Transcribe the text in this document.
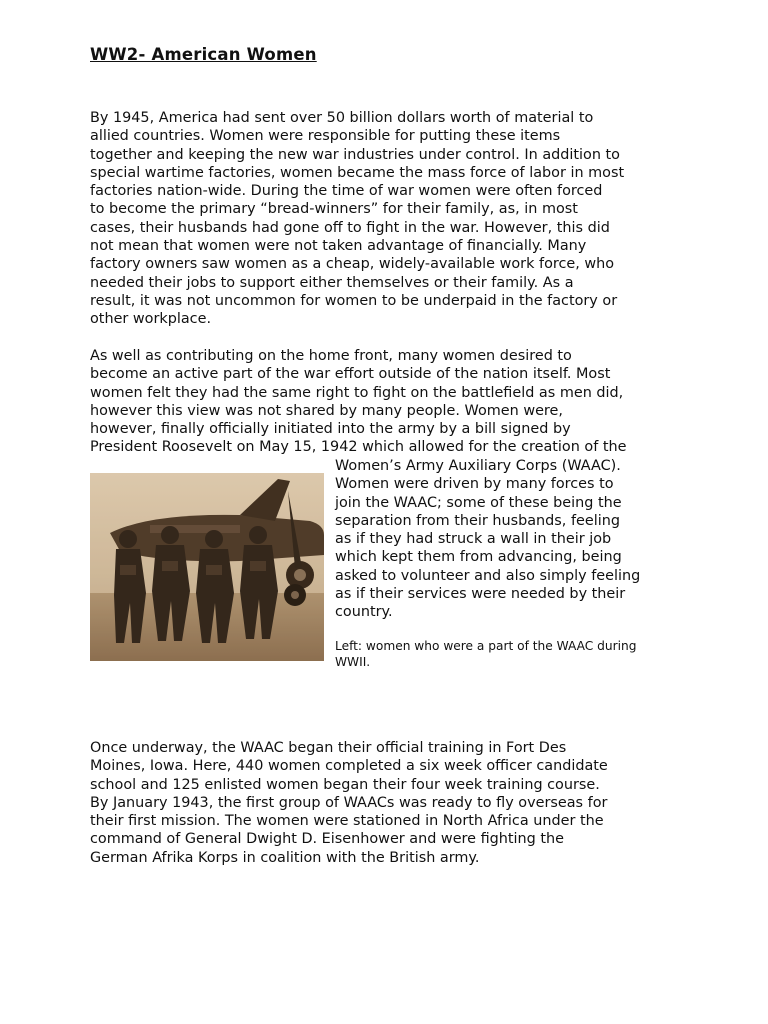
WW2- American Women
By 1945, America had sent over 50 billion dollars worth of material to
allied countries. Women were responsible for putting these items
together and keeping the new war industries under control. In addition to
special wartime factories, women became the mass force of labor in most
factories nation-wide. During the time of war women were often forced
to become the primary “bread-winners” for their family, as, in most
cases, their husbands had gone off to fight in the war. However, this did
not mean that women were not taken advantage of financially. Many
factory owners saw women as a cheap, widely-available work force, who
needed their jobs to support either themselves or their family. As a
result, it was not uncommon for women to be underpaid in the factory or
other workplace.
As well as contributing on the home front, many women desired to
become an active part of the war effort outside of the nation itself. Most
women felt they had the same right to fight on the battlefield as men did,
however this view was not shared by many people. Women were,
however, finally officially initiated into the army by a bill signed by
President Roosevelt on May 15, 1942 which allowed for the creation of the
Women’s Army Auxiliary Corps (WAAC).
Women were driven by many forces to
join the WAAC; some of these being the
separation from their husbands, feeling
as if they had struck a wall in their job
which kept them from advancing, being
asked to volunteer and also simply feeling
as if their services were needed by their
country.
Left: women who were a part of the WAAC during
WWII.
Once underway, the WAAC began their official training in Fort Des
Moines, Iowa. Here, 440 women completed a six week officer candidate
school and 125 enlisted women began their four week training course.
By January 1943, the first group of WAACs was ready to fly overseas for
their first mission. The women were stationed in North Africa under the
command of General Dwight D. Eisenhower and were fighting the
German Afrika Korps in coalition with the British army.
